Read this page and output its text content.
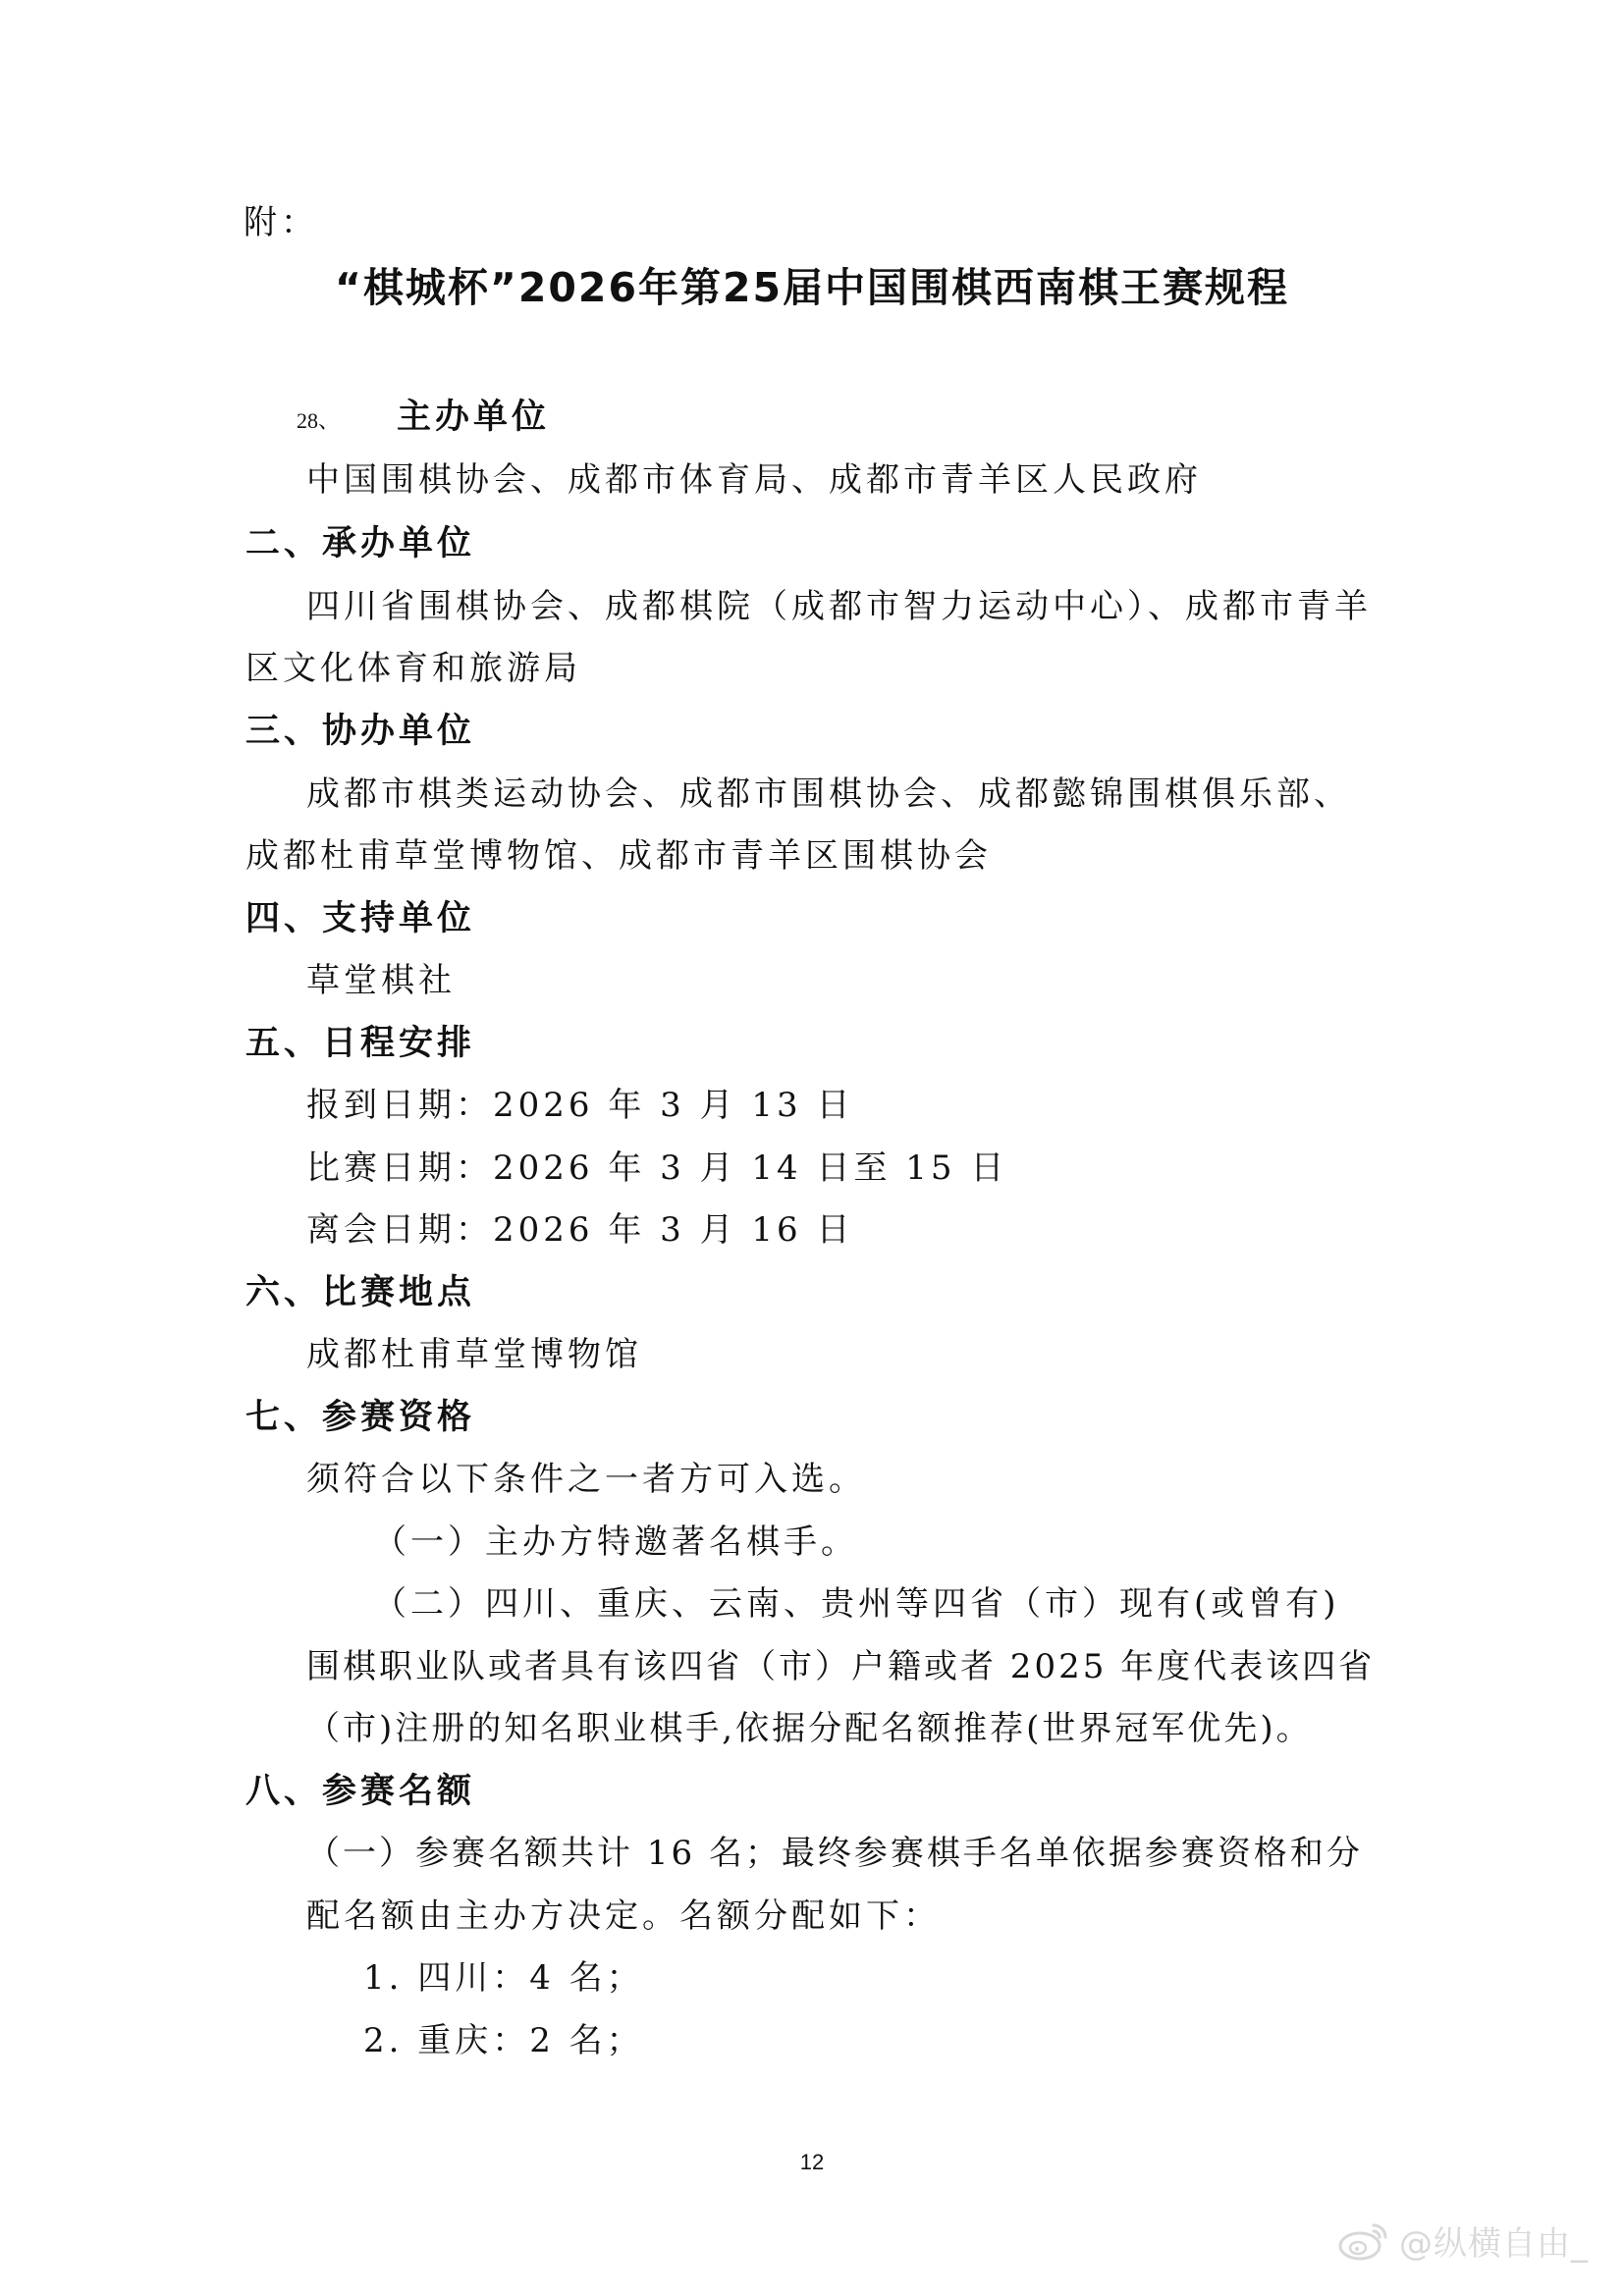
附：
“棋城杯”2026年第25届中国围棋西南棋王赛规程
28、 主办单位
中国围棋协会、成都市体育局、成都市青羊区人民政府
二、承办单位
四川省围棋协会、成都棋院（成都市智力运动中心）、成都市青羊
区文化体育和旅游局
三、协办单位
成都市棋类运动协会、成都市围棋协会、成都懿锦围棋俱乐部、
成都杜甫草堂博物馆、成都市青羊区围棋协会
四、支持单位
草堂棋社
五、日程安排
报到日期：2026 年 3 月 13 日
比赛日期：2026 年 3 月 14 日至 15 日
离会日期：2026 年 3 月 16 日
六、比赛地点
成都杜甫草堂博物馆
七、参赛资格
须符合以下条件之一者方可入选。
（一）主办方特邀著名棋手。
（二）四川、重庆、云南、贵州等四省（市）现有(或曾有)
围棋职业队或者具有该四省（市）户籍或者 2025 年度代表该四省
（市)注册的知名职业棋手,依据分配名额推荐(世界冠军优先)。
八、参赛名额
（一）参赛名额共计 16 名；最终参赛棋手名单依据参赛资格和分
配名额由主办方决定。名额分配如下：
1. 四川：4 名；
2. 重庆：2 名；
12
@纵横自由_
